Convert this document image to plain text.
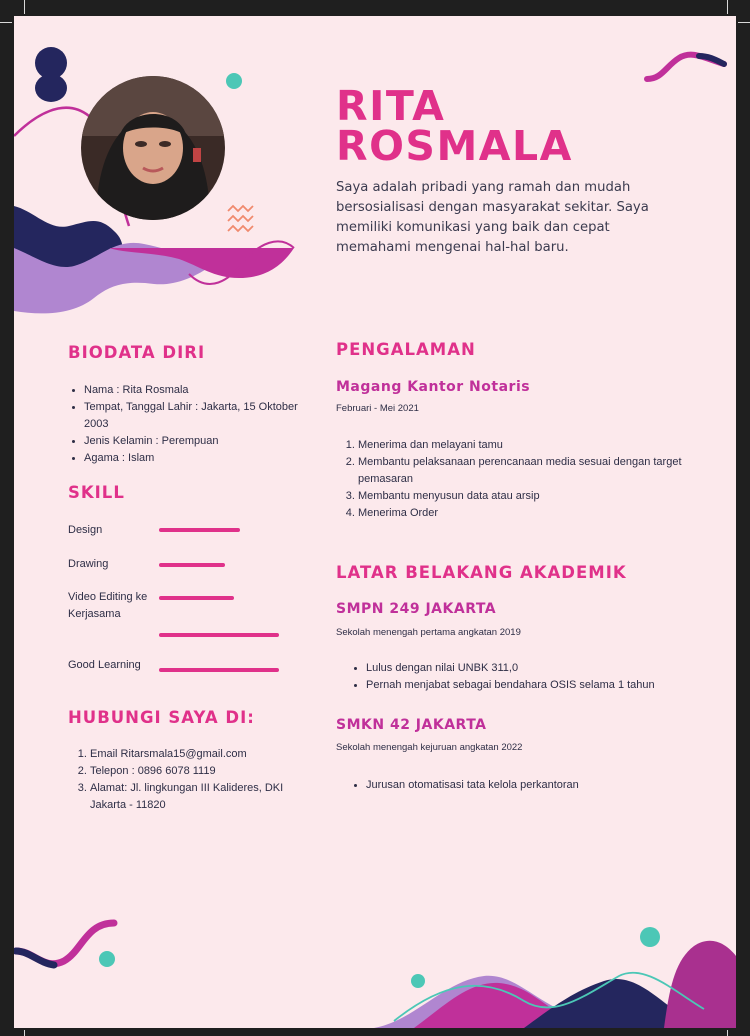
RITA
ROSMALA

Saya adalah pribadi yang ramah dan mudah bersosialisasi dengan masyarakat sekitar. Saya memiliki komunikasi yang baik dan cepat memahami mengenai hal-hal baru.

BIODATA DIRI
• Nama : Rita Rosmala
• Tempat, Tanggal Lahir : Jakarta, 15 Oktober 2003
• Jenis Kelamin : Perempuan
• Agama : Islam
SKILL

Design

Drawing

Video Editing ke Kerjasama

Good Learning

HUBUNGI SAYA DI:
1. Email Ritarsmala15@gmail.com
2. Telepon : 0896 6078 1119
3. Alamat: Jl. lingkungan III Kalideres, DKI Jakarta - 11820
PENGALAMAN
Magang Kantor Notaris

Februari - Mei 2021

1. Menerima dan melayani tamu
2. Membantu pelaksanaan perencanaan media sesuai dengan target pemasaran
3. Membantu menyusun data atau arsip
4. Menerima Order
LATAR BELAKANG AKADEMIK
SMPN 249 JAKARTA

Sekolah menengah pertama angkatan 2019

• Lulus dengan nilai UNBK 311,0
• Pernah menjabat sebagai bendahara OSIS selama 1 tahun
SMKN 42 JAKARTA

Sekolah menengah kejuruan angkatan 2022

• Jurusan otomatisasi tata kelola perkantoran
